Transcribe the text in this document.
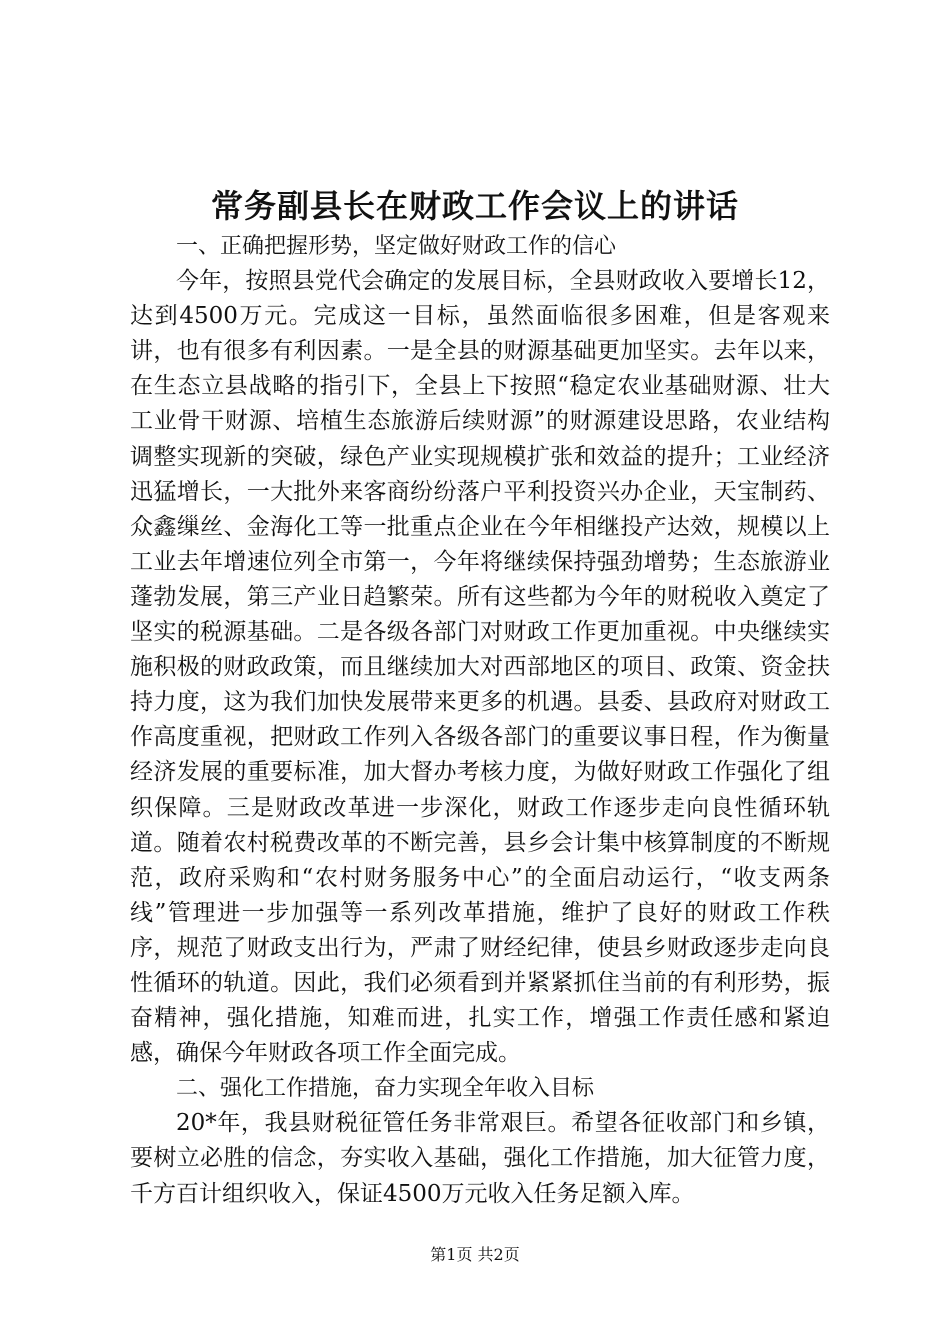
常务副县长在财政工作会议上的讲话

一、正确把握形势，坚定做好财政工作的信心

今年，按照县党代会确定的发展目标，全县财政收入要增长12，达到4500万元。完成这一目标，虽然面临很多困难，但是客观来讲，也有很多有利因素。一是全县的财源基础更加坚实。去年以来，在生态立县战略的指引下，全县上下按照“稳定农业基础财源、壮大工业骨干财源、培植生态旅游后续财源”的财源建设思路，农业结构调整实现新的突破，绿色产业实现规模扩张和效益的提升；工业经济迅猛增长，一大批外来客商纷纷落户平利投资兴办企业，天宝制药、众鑫缫丝、金海化工等一批重点企业在今年相继投产达效，规模以上工业去年增速位列全市第一，今年将继续保持强劲增势；生态旅游业蓬勃发展，第三产业日趋繁荣。所有这些都为今年的财税收入奠定了坚实的税源基础。二是各级各部门对财政工作更加重视。中央继续实施积极的财政政策，而且继续加大对西部地区的项目、政策、资金扶持力度，这为我们加快发展带来更多的机遇。县委、县政府对财政工作高度重视，把财政工作列入各级各部门的重要议事日程，作为衡量经济发展的重要标准，加大督办考核力度，为做好财政工作强化了组织保障。三是财政改革进一步深化，财政工作逐步走向良性循环轨道。随着农村税费改革的不断完善，县乡会计集中核算制度的不断规范，政府采购和“农村财务服务中心”的全面启动运行，“收支两条线”管理进一步加强等一系列改革措施，维护了良好的财政工作秩序，规范了财政支出行为，严肃了财经纪律，使县乡财政逐步走向良性循环的轨道。因此，我们必须看到并紧紧抓住当前的有利形势，振奋精神，强化措施，知难而进，扎实工作，增强工作责任感和紧迫感，确保今年财政各项工作全面完成。

二、强化工作措施，奋力实现全年收入目标

20*年，我县财税征管任务非常艰巨。希望各征收部门和乡镇，要树立必胜的信念，夯实收入基础，强化工作措施，加大征管力度，千方百计组织收入，保证4500万元收入任务足额入库。

第1页 共2页
